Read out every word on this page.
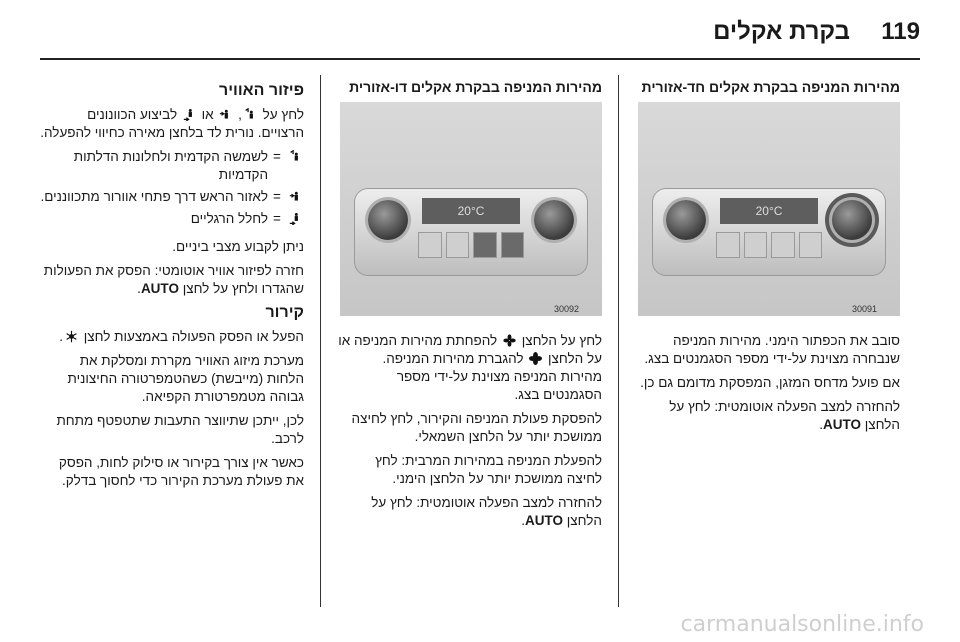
בקרת אקלים 119

מהירות המניפה בבקרת אקלים חד-אזורית

20°C
30091

סובב את הכפתור הימני. מהירות המניפה שנבחרה מצוינת על-ידי מספר הסגמנטים בצג.

אם פועל מדחס המזגן, המפסקת מדומם גם כן.

להחזרה למצב הפעלה אוטומטית: לחץ על הלחצן AUTO.

מהירות המניפה בבקרת אקלים דו-אזורית

20°C
30092

לחץ על הלחצן
להפחתת מהירות המניפה או על הלחצן
להגברת מהירות המניפה. מהירות המניפה מצוינת על-ידי מספר הסגמנטים בצג.

להפסקת פעולת המניפה והקירור, לחץ לחיצה ממושכת יותר על הלחצן השמאלי.

להפעלת המניפה במהירות המרבית: לחץ לחיצה ממושכת יותר על הלחצן הימני.

להחזרה למצב הפעלה אוטומטית: לחץ על הלחצן AUTO.

פיזור האוויר

לחץ על
,
או
לביצוע הכוונונים הרצויים. נורית לד בלחצן מאירה כחיווי להפעלה.

=
לשמשה הקדמית ולחלונות הדלתות הקדמיות
=
לאזור הראש דרך פתחי אוורור מתכווננים.
=
לחלל הרגליים

ניתן לקבוע מצבי ביניים.

חזרה לפיזור אוויר אוטומטי: הפסק את הפעולות שהגדרו ולחץ על לחצן AUTO.

קירור

הפעל או הפסק הפעולה באמצעות לחצן
.

מערכת מיזוג האוויר מקררת ומסלקת את הלחות (מייבשת) כשהטמפרטורה החיצונית גבוהה מטמפרטורת הקפיאה.

לכן, ייתכן שתיווצר התעבות שתטפטף מתחת לרכב.

כאשר אין צורך בקירור או סילוק לחות, הפסק את פעולת מערכת הקירור כדי לחסוך בדלק.

carmanualsonline.info
